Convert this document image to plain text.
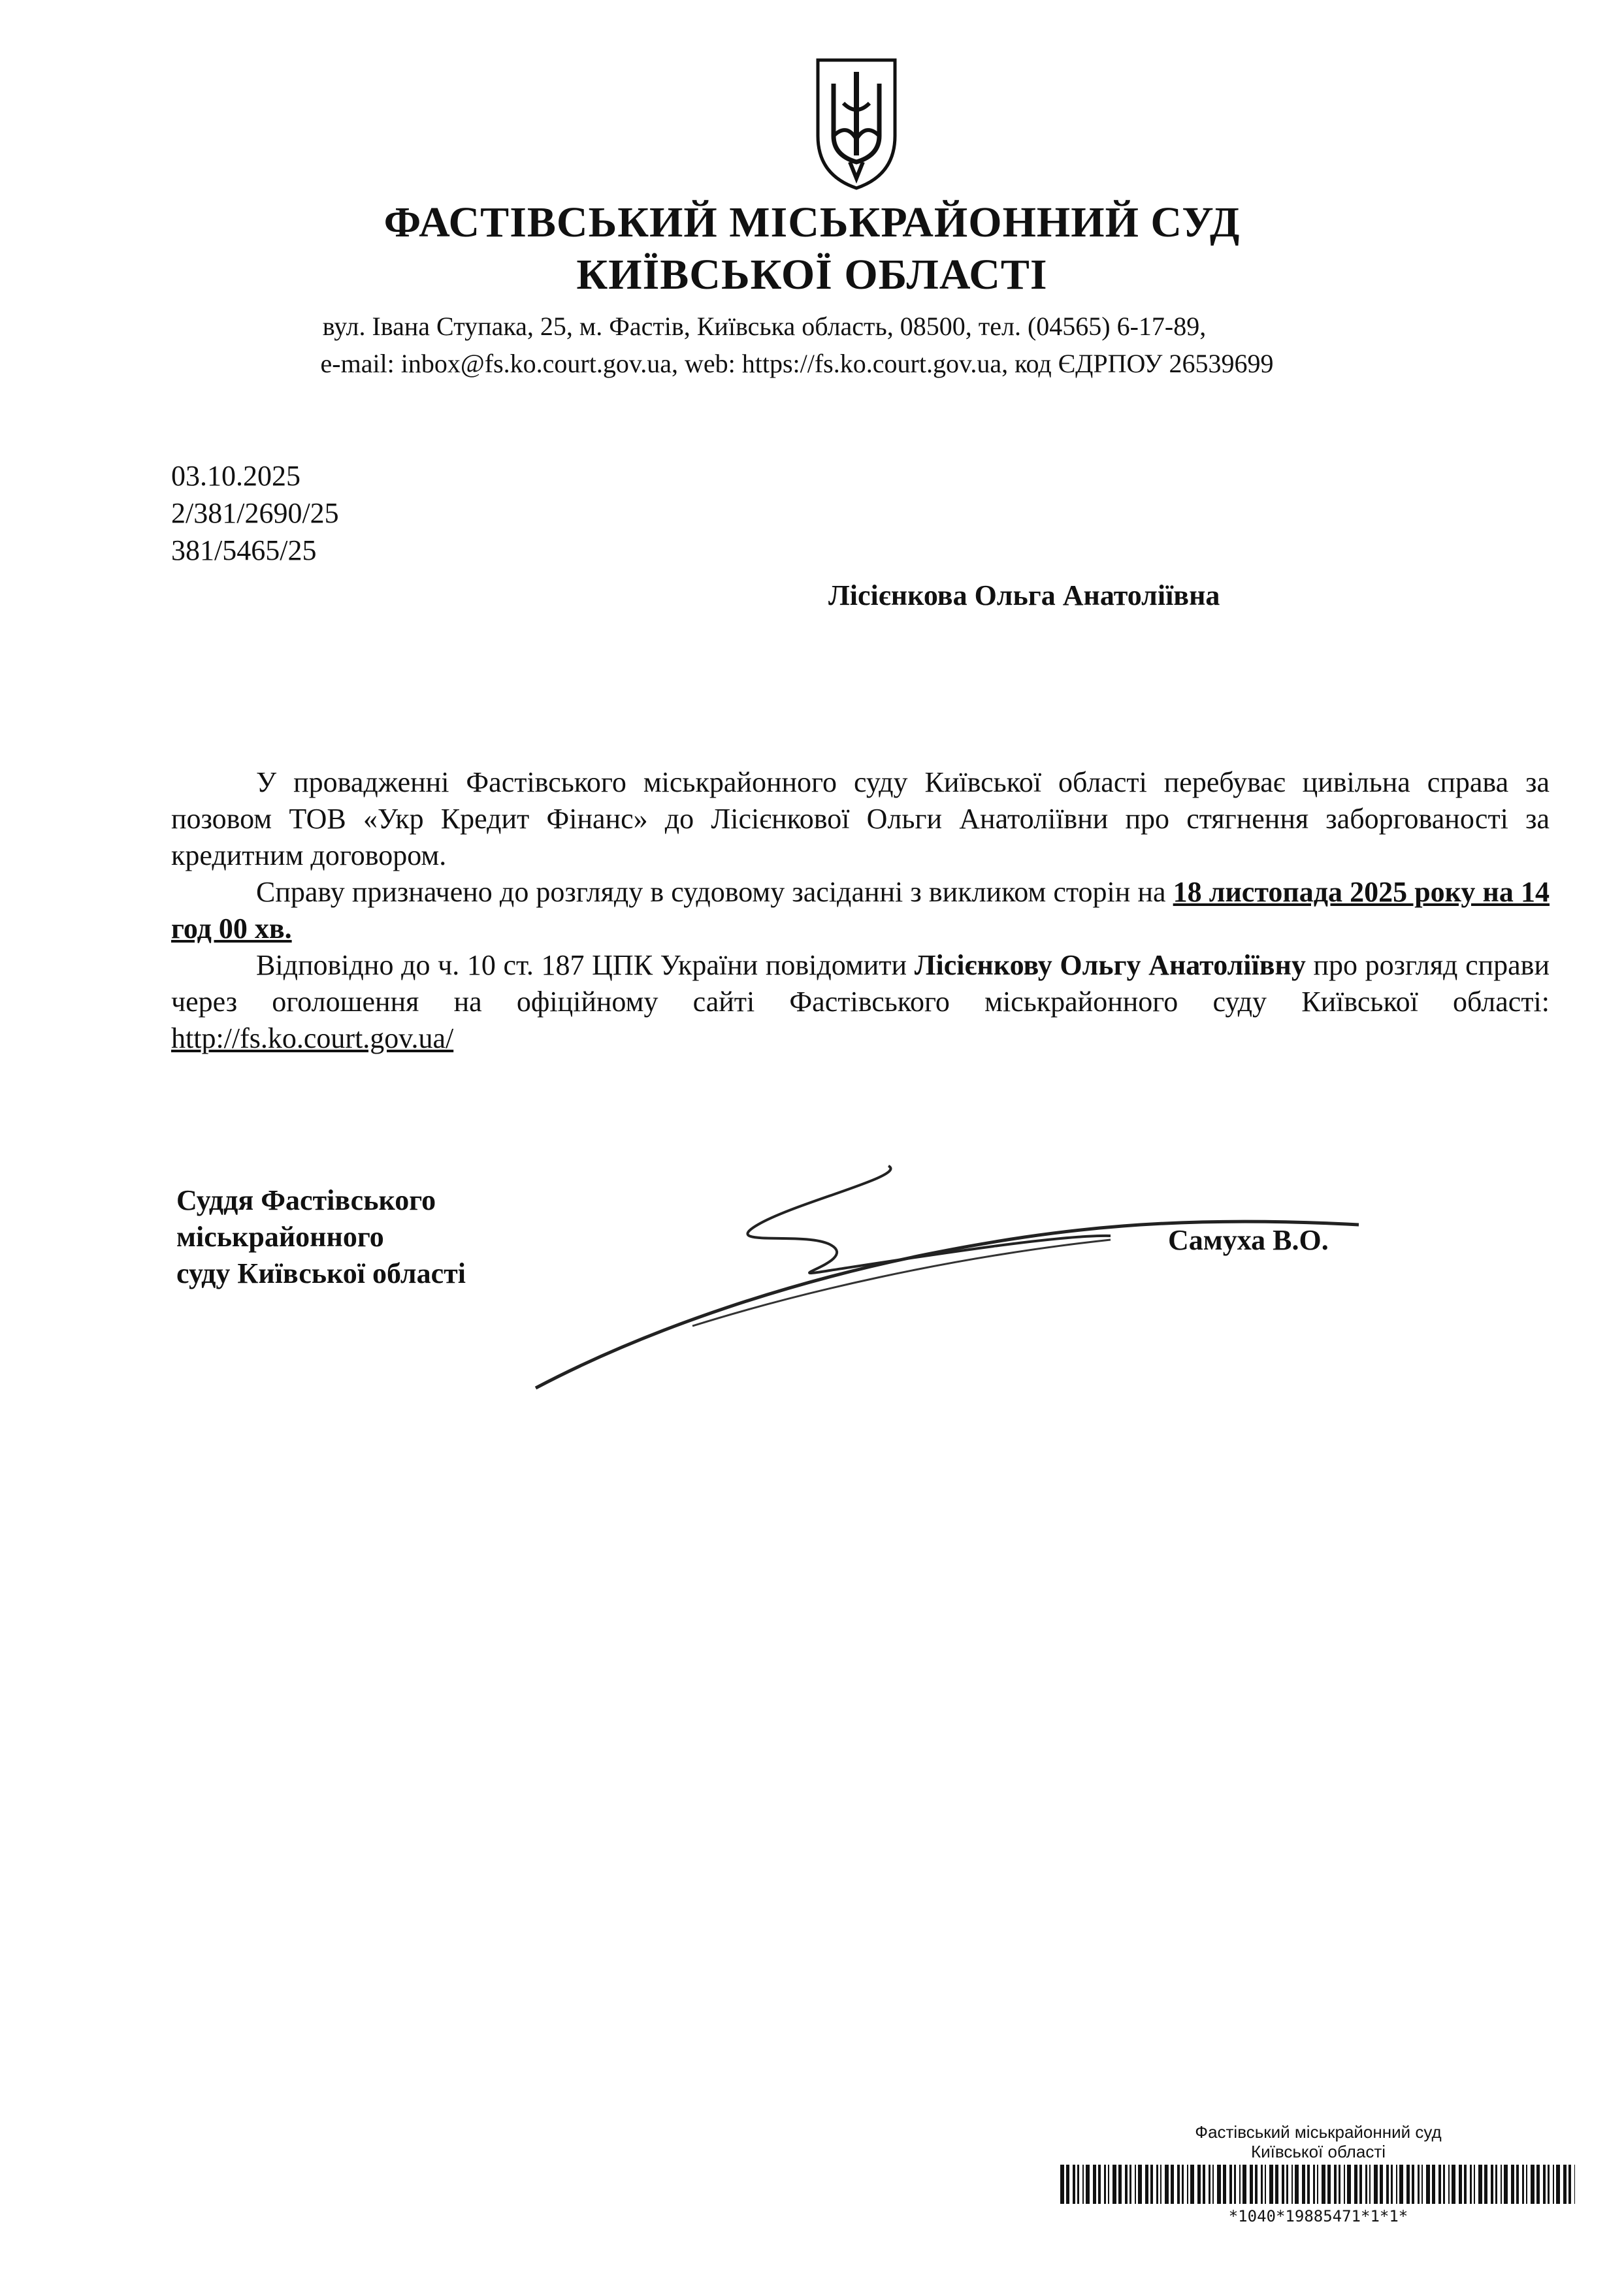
ФАСТІВСЬКИЙ МІСЬКРАЙОННИЙ СУД
КИЇВСЬКОЇ ОБЛАСТІ
вул. Івана Ступака, 25, м. Фастів, Київська область, 08500, тел. (04565) 6-17-89,
e-mail: inbox@fs.ko.court.gov.ua, web: https://fs.ko.court.gov.ua, код ЄДРПОУ 26539699
03.10.2025
2/381/2690/25
381/5465/25
Лісієнкова Ольга Анатоліївна

У провадженні Фастівського міськрайонного суду Київської області перебуває цивільна справа за позовом ТОВ «Укр Кредит Фінанс» до Лісієнкової Ольги Анатоліївни про стягнення заборгованості за кредитним договором.

Справу призначено до розгляду в судовому засіданні з викликом сторін на 18 листопада 2025 року на 14 год 00 хв.

Відповідно до ч. 10 ст. 187 ЦПК України повідомити Лісієнкову Ольгу Анатоліївну про розгляд справи через оголошення на офіційному сайті Фастівського міськрайонного суду Київської області: http://fs.ko.court.gov.ua/

Суддя Фастівського
міськрайонного
суду Київської області
Самуха В.О.
Фастівський міськрайонний суд
Київської області
*1040*19885471*1*1*
